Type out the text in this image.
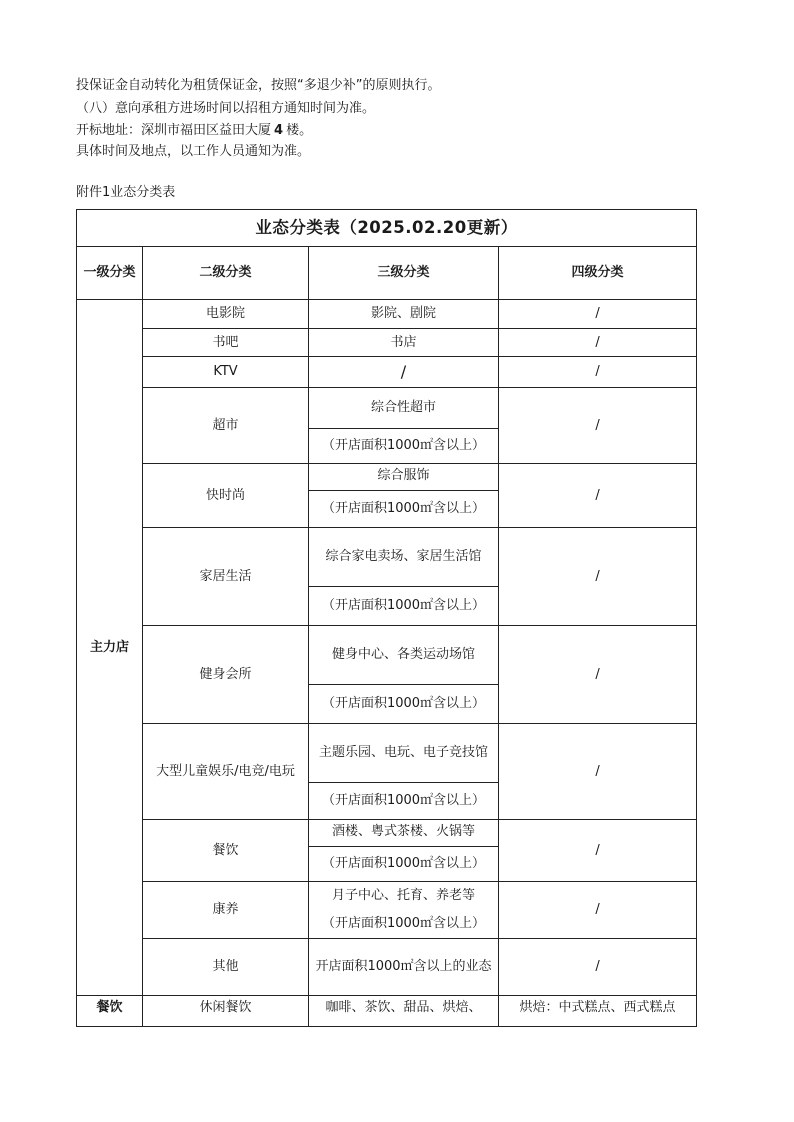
投保证金自动转化为租赁保证金，按照“多退少补”的原则执行。
（八）意向承租方进场时间以招租方通知时间为准。
开标地址：深圳市福田区益田大厦 4 楼。
具体时间及地点，以工作人员通知为准。
附件1业态分类表
业态分类表（2025.02.20更新）			
一级分类	二级分类	三级分类	四级分类
主力店	电影院	影院、剧院	/
	书吧	书店	/
	KTV	/	/
	超市	综合性超市	/
		（开店面积1000㎡含以上）	
	快时尚	综合服饰	/
		（开店面积1000㎡含以上）	
	家居生活	综合家电卖场、家居生活馆	/
		（开店面积1000㎡含以上）	
	健身会所	健身中心、各类运动场馆	/
		（开店面积1000㎡含以上）	
	大型儿童娱乐/电竞/电玩	主题乐园、电玩、电子竞技馆	/
		（开店面积1000㎡含以上）	
	餐饮	酒楼、粤式茶楼、火锅等	/
		（开店面积1000㎡含以上）	
	康养	月子中心、托育、养老等	/
		（开店面积1000㎡含以上）	
	其他	开店面积1000㎡含以上的业态	/
餐饮	休闲餐饮	咖啡、茶饮、甜品、烘焙、	烘焙：中式糕点、西式糕点
